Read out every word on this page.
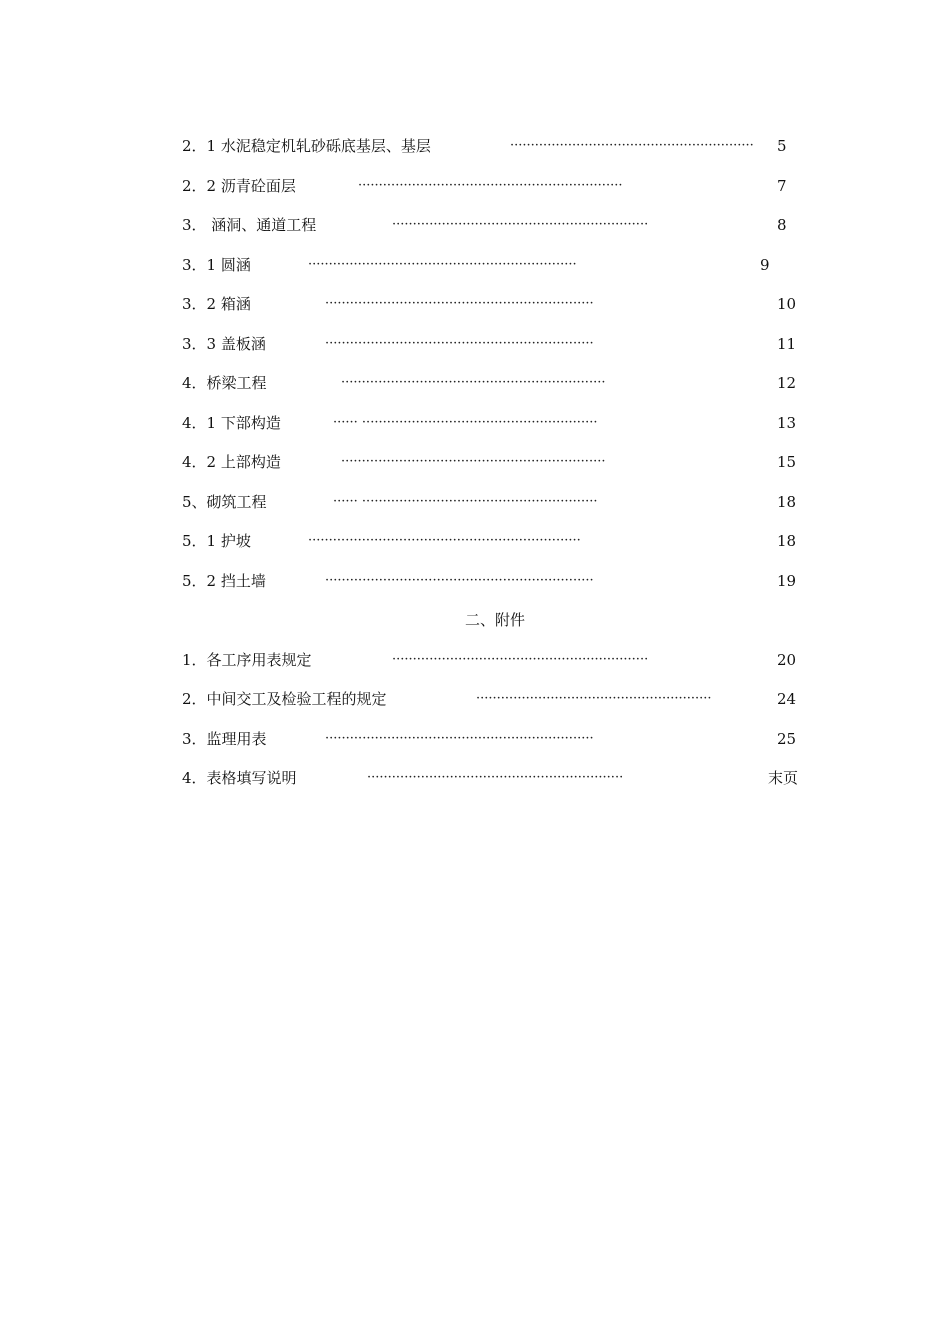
2．1 水泥稳定机轧砂砾底基层、基层	···························································	5
2．2 沥青砼面层	································································	7
3． 涵洞、通道工程	······························································	8
3．1 圆涵	·································································	9
3．2 箱涵	·································································	10
3．3 盖板涵	·································································	11
4．桥梁工程	································································	12
4．1 下部构造	······ ·························································	13
4．2 上部构造	································································	15
5、砌筑工程	······ ·························································	18
5．1 护坡	··································································	18
5．2 挡土墙	·································································	19
二、附件
1．各工序用表规定	······························································	20
2．中间交工及检验工程的规定	·························································	24
3．监理用表	·································································	25
4．表格填写说明	······························································	末页
